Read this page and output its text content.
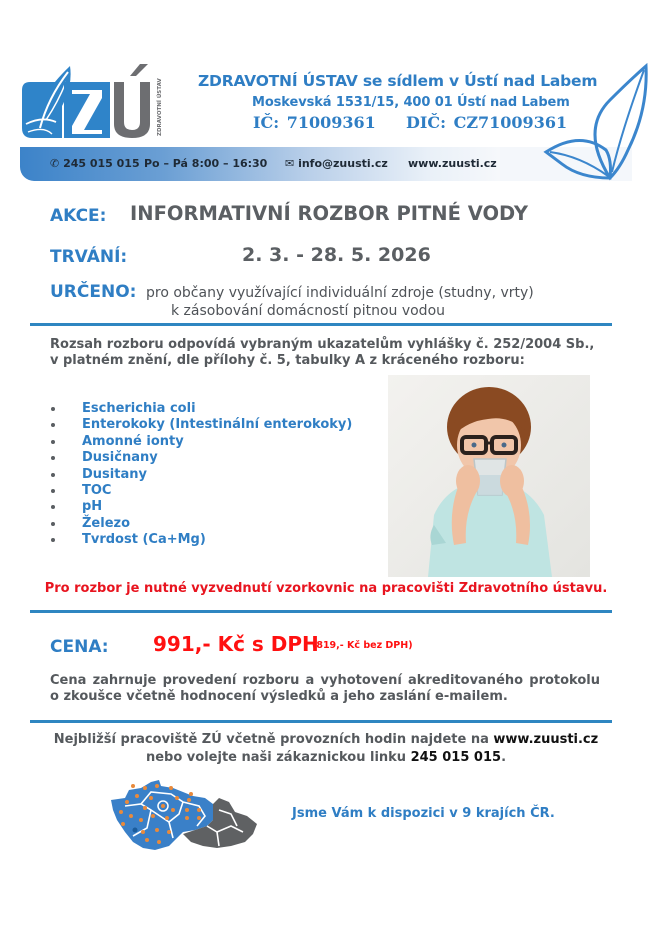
ZDRAVOTNÍ ÚSTAV ZDRAVOTNÍ ÚSTAV se sídlem v Ústí nad Labem
Moskevská 1531/15, 400 01 Ústí nad Labem
IČ: 71009361    DIČ: CZ71009361
✆ 245 015 015 Po – Pá 8:00 – 16:30 ✉ info@zuusti.cz www.zuusti.cz
AKCE: INFORMATIVNÍ ROZBOR PITNÉ VODY
TRVÁNÍ:	2. 3. - 28. 5. 2026
URČENO: pro občany využívající individuální zdroje (studny, vrty)
k zásobování domácností pitnou vodou
Rozsah rozboru odpovídá vybraným ukazatelům vyhlášky č. 252/2004 Sb.,
v platném znění, dle přílohy č. 5, tabulky A z kráceného rozboru:
Escherichia coli
Enterokoky (Intestinální enterokoky)
Amonné ionty
Dusičnany
Dusitany
TOC
pH
Železo
Tvrdost (Ca+Mg)
Pro rozbor je nutné vyzvednutí vzorkovnic na pracovišti Zdravotního ústavu.
CENA: 991,- Kč s DPH
(819,- Kč bez DPH)
Cena zahrnuje provedení rozboru a vyhotovení akreditovaného protokolu
o zkoušce včetně hodnocení výsledků a jeho zaslání e-mailem.
Nejbližší pracoviště ZÚ včetně provozních hodin najdete na www.zuusti.cz
nebo volejte naši zákaznickou linku 245 015 015.
Jsme Vám k dispozici v 9 krajích ČR.
